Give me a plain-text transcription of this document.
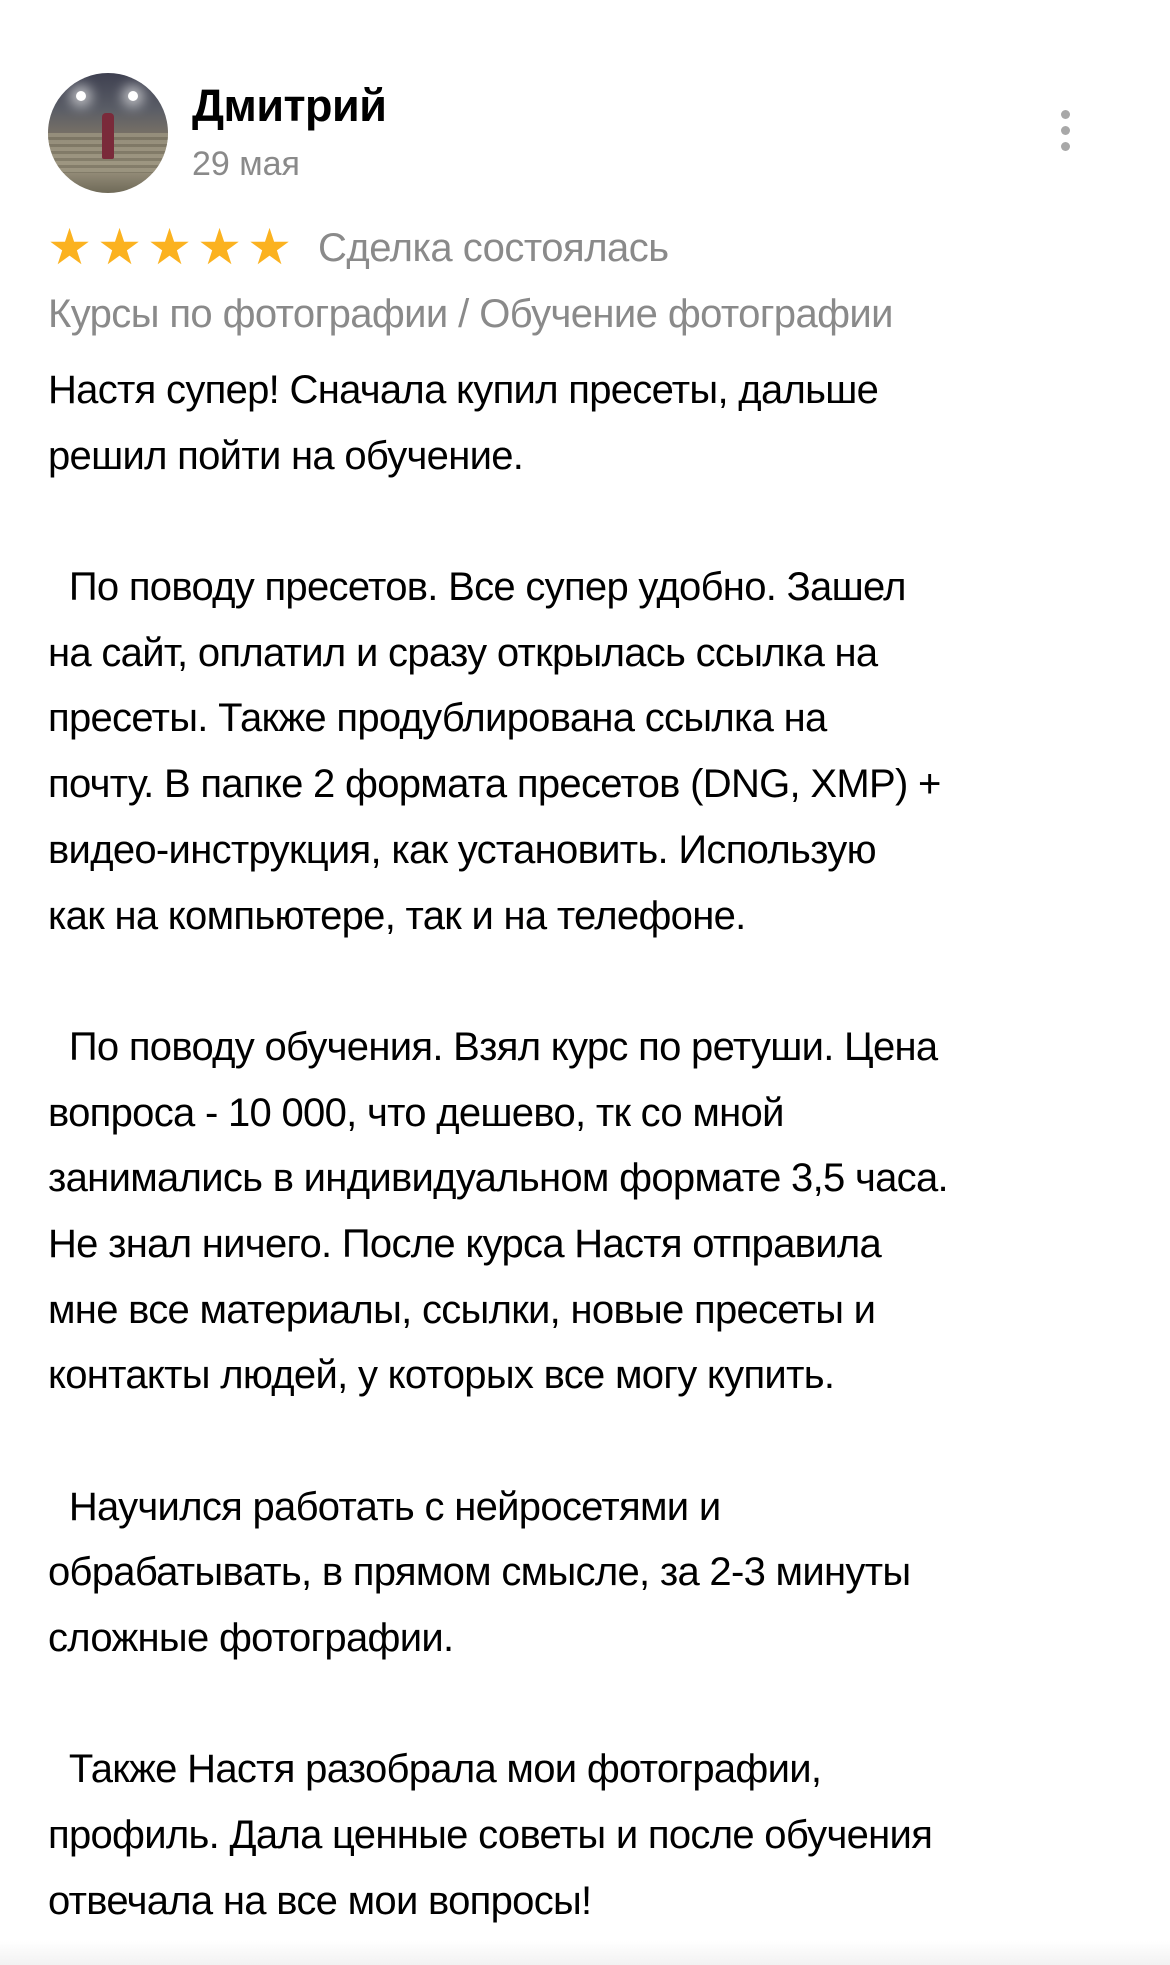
Дмитрий
29 мая
★ ★ ★ ★ ★ Сделка состоялась
Курсы по фотографии / Обучение фотографии
Настя супер! Сначала купил пресеты, дальше
решил пойти на обучение.
По поводу пресетов. Все супер удобно. Зашел
на сайт, оплатил и сразу открылась ссылка на
пресеты. Также продублирована ссылка на
почту. В папке 2 формата пресетов (DNG, XMP) +
видео-инструкция, как установить. Использую
как на компьютере, так и на телефоне.
По поводу обучения. Взял курс по ретуши. Цена
вопроса - 10 000, что дешево, тк со мной
занимались в индивидуальном формате 3,5 часа.
Не знал ничего. После курса Настя отправила
мне все материалы, ссылки, новые пресеты и
контакты людей, у которых все могу купить.
Научился работать с нейросетями и
обрабатывать, в прямом смысле, за 2-3 минуты
сложные фотографии.
Также Настя разобрала мои фотографии,
профиль. Дала ценные советы и после обучения
отвечала на все мои вопросы!
